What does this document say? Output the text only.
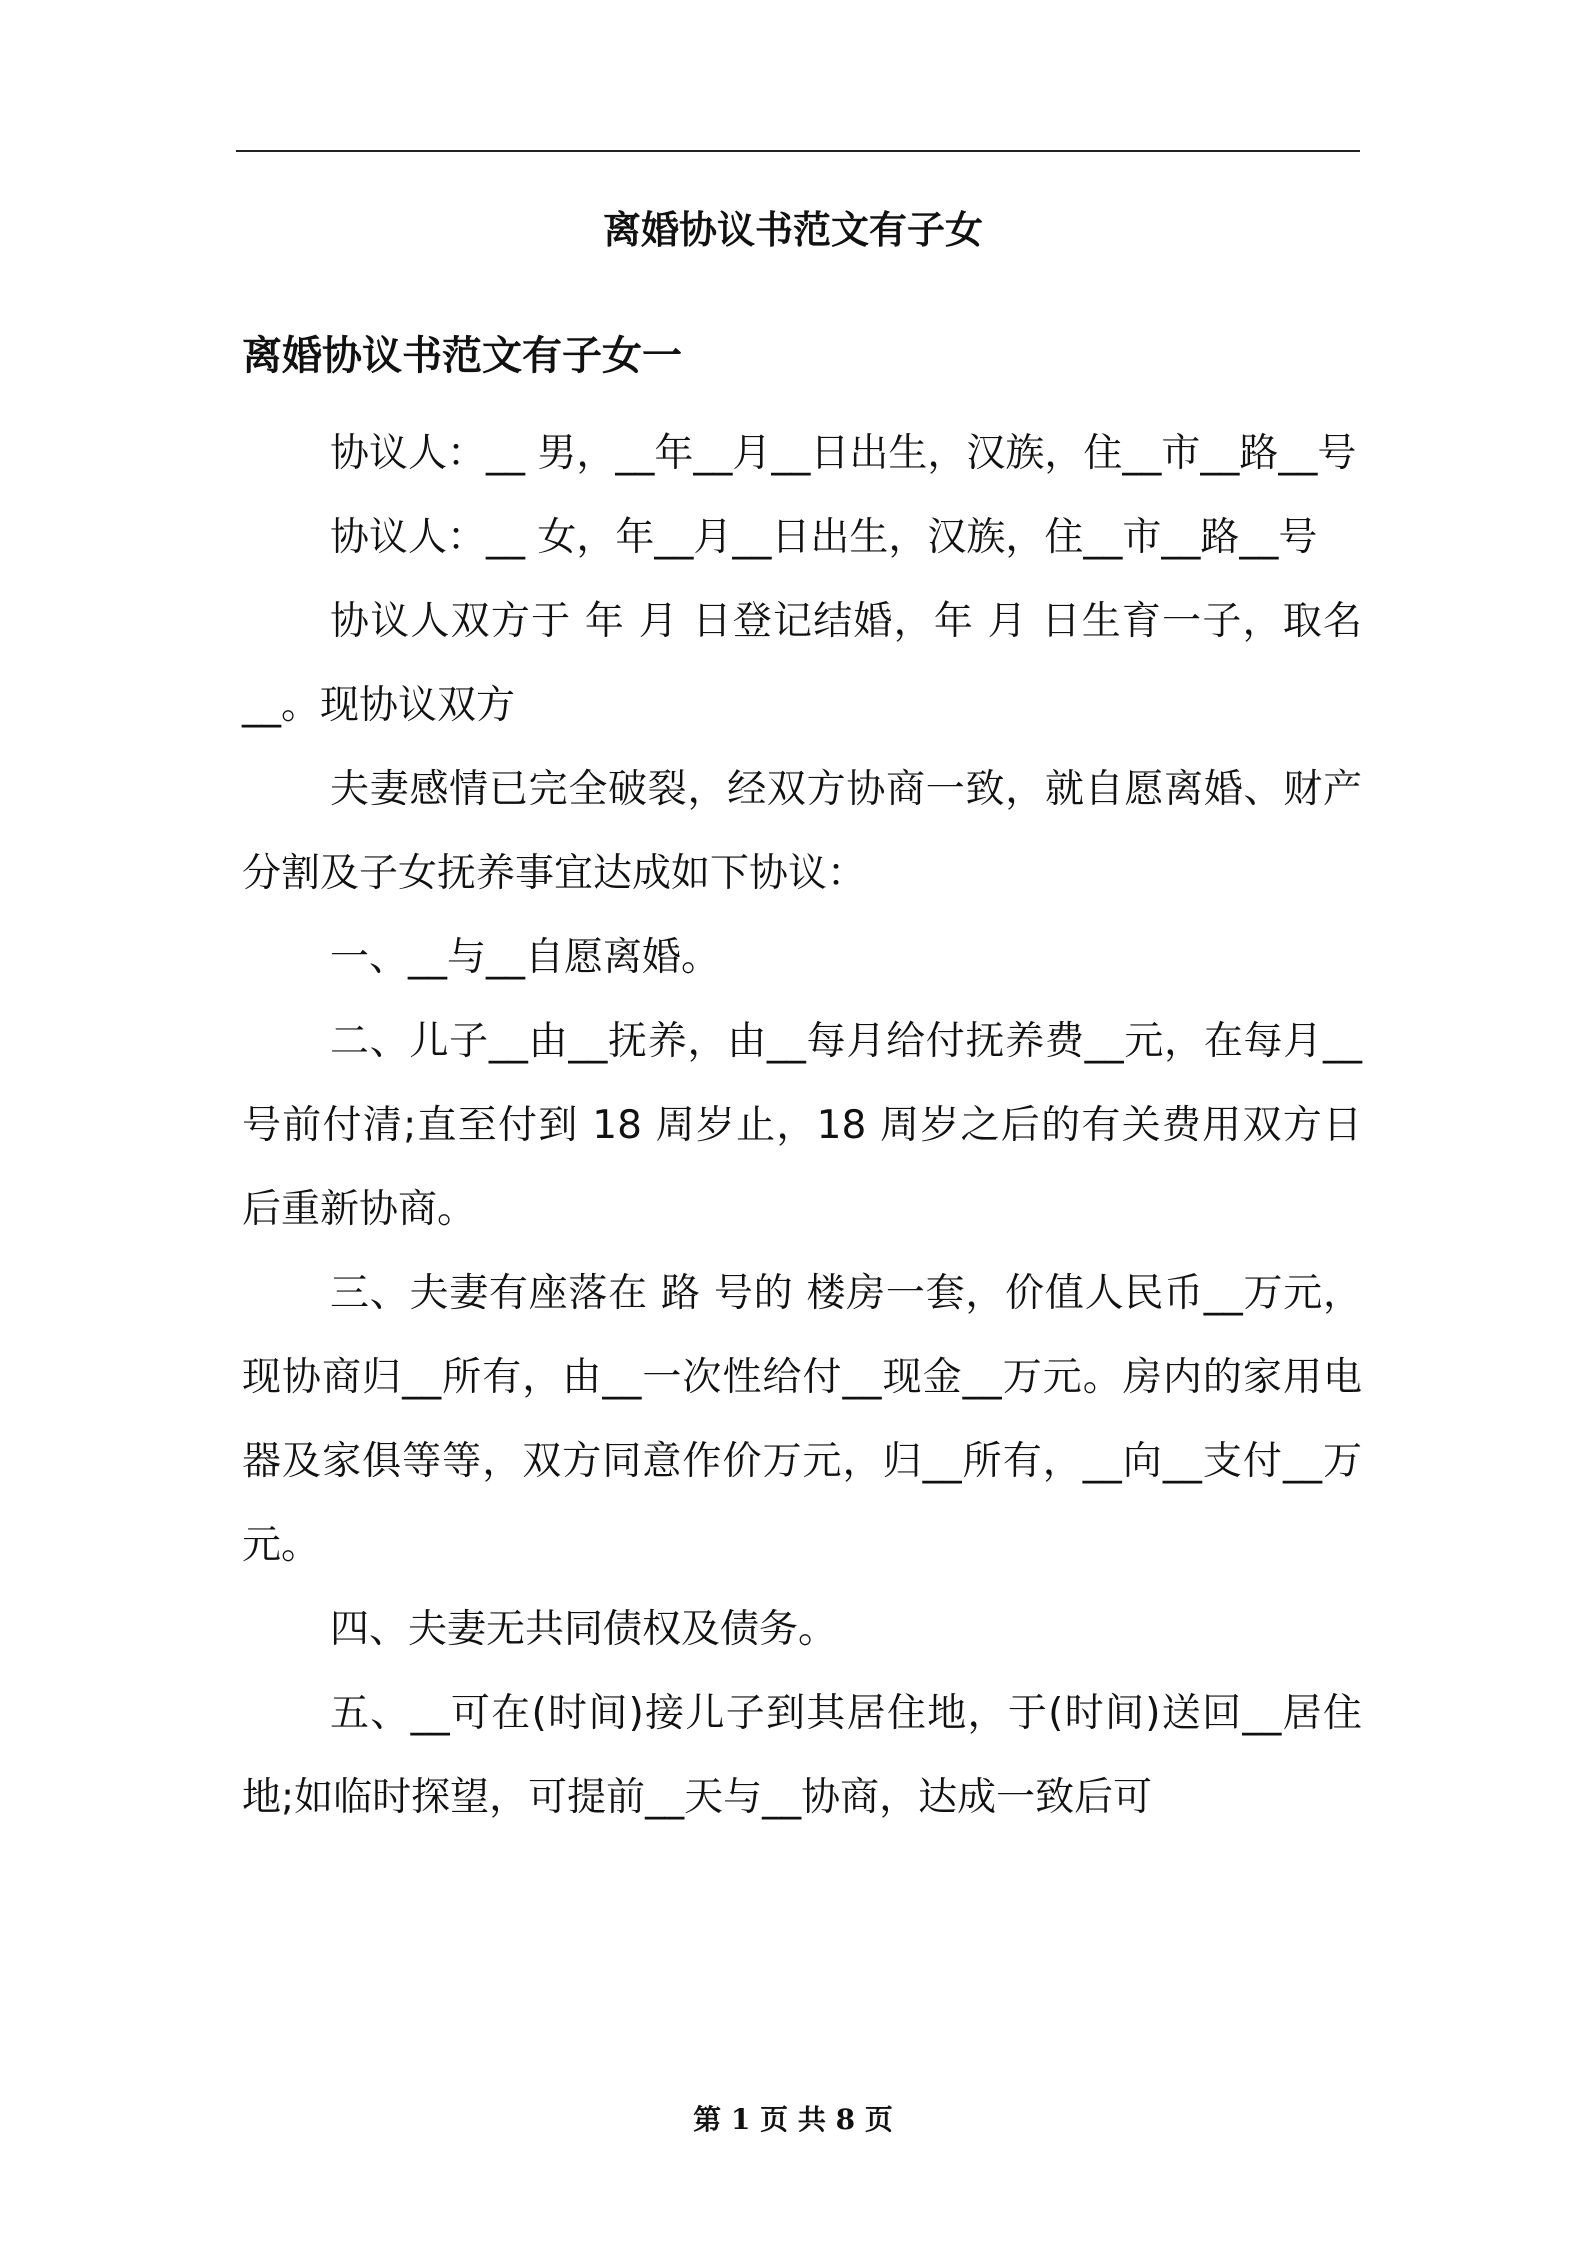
离婚协议书范文有子女
离婚协议书范文有子女一

协议人：__ 男，__年__月__日出生，汉族，住__市__路__号

协议人：__ 女，年__月__日出生，汉族，住__市__路__号

协议人双方于 年 月 日登记结婚，年 月 日生育一子，取名__。现协议双方

夫妻感情已完全破裂，经双方协商一致，就自愿离婚、财产分割及子女抚养事宜达成如下协议：

一、__与__自愿离婚。

二、儿子__由__抚养，由__每月给付抚养费__元，在每月__号前付清;直至付到 18 周岁止，18 周岁之后的有关费用双方日后重新协商。

三、夫妻有座落在 路 号的 楼房一套，价值人民币__万元，现协商归__所有，由__一次性给付__现金__万元。房内的家用电器及家俱等等，双方同意作价万元，归__所有，__向__支付__万元。

四、夫妻无共同债权及债务。

五、__可在(时间)接儿子到其居住地，于(时间)送回__居住地;如临时探望，可提前__天与__协商，达成一致后可

第 1 页 共 8 页
